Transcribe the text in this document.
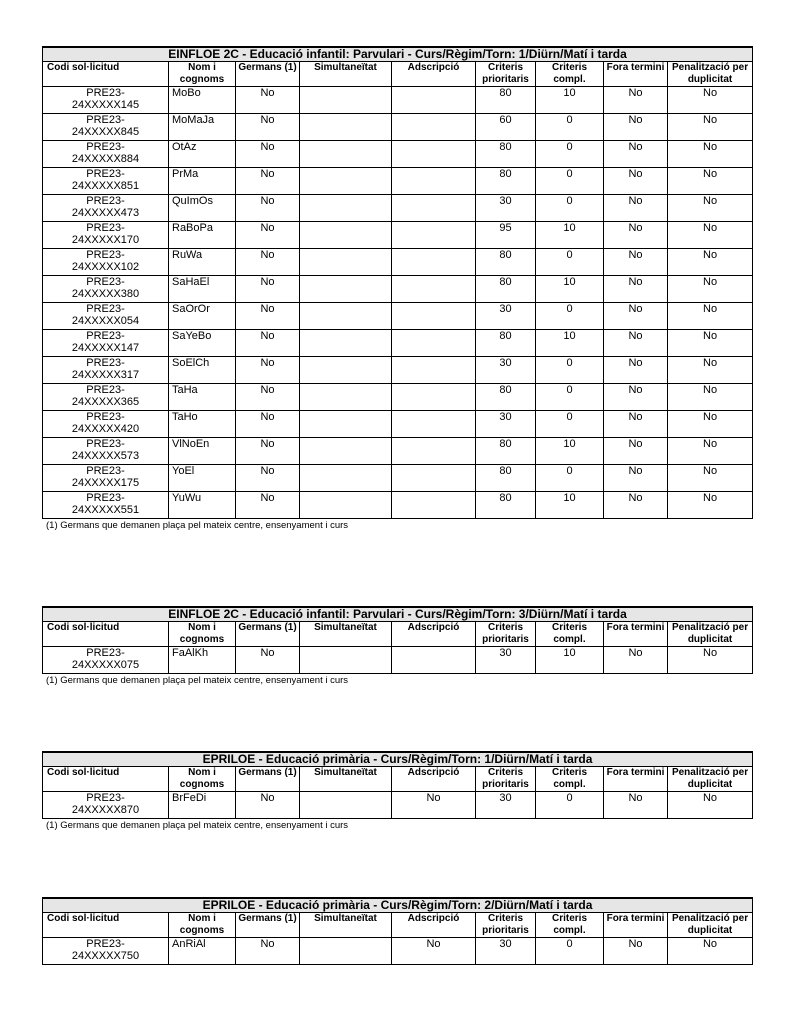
EINFLOE 2C - Educació infantil: Parvulari - Curs/Règim/Torn: 1/Diürn/Matí i tarda								
Codi sol·licitud	Nom i cognoms	Germans (1)	Simultaneïtat	Adscripció	Criteris prioritaris	Criteris compl.	Fora termini	Penalització per duplicitat

PRE23-
24XXXXX145	MoBo	No			80	10	No	No

PRE23-
24XXXXX845	MoMaJa	No			60	0	No	No

PRE23-
24XXXXX884	OtAz	No			80	0	No	No

PRE23-
24XXXXX851	PrMa	No			80	0	No	No

PRE23-
24XXXXX473	QuImOs	No			30	0	No	No

PRE23-
24XXXXX170	RaBoPa	No			95	10	No	No

PRE23-
24XXXXX102	RuWa	No			80	0	No	No

PRE23-
24XXXXX380	SaHaEl	No			80	10	No	No

PRE23-
24XXXXX054	SaOrOr	No			30	0	No	No

PRE23-
24XXXXX147	SaYeBo	No			80	10	No	No

PRE23-
24XXXXX317	SoElCh	No			30	0	No	No

PRE23-
24XXXXX365	TaHa	No			80	0	No	No

PRE23-
24XXXXX420	TaHo	No			30	0	No	No

PRE23-
24XXXXX573	VlNoEn	No			80	10	No	No

PRE23-
24XXXXX175	YoEl	No			80	0	No	No

PRE23-
24XXXXX551	YuWu	No			80	10	No	No
(1) Germans que demanen plaça pel mateix centre, ensenyament i curs
EINFLOE 2C - Educació infantil: Parvulari - Curs/Règim/Torn: 3/Diürn/Matí i tarda								
Codi sol·licitud	Nom i cognoms	Germans (1)	Simultaneïtat	Adscripció	Criteris prioritaris	Criteris compl.	Fora termini	Penalització per duplicitat

PRE23-
24XXXXX075	FaAlKh	No			30	10	No	No
(1) Germans que demanen plaça pel mateix centre, ensenyament i curs
EPRILOE - Educació primària - Curs/Règim/Torn: 1/Diürn/Matí i tarda								
Codi sol·licitud	Nom i cognoms	Germans (1)	Simultaneïtat	Adscripció	Criteris prioritaris	Criteris compl.	Fora termini	Penalització per duplicitat

PRE23-
24XXXXX870	BrFeDi	No		No	30	0	No	No
(1) Germans que demanen plaça pel mateix centre, ensenyament i curs
EPRILOE - Educació primària - Curs/Règim/Torn: 2/Diürn/Matí i tarda								
Codi sol·licitud	Nom i cognoms	Germans (1)	Simultaneïtat	Adscripció	Criteris prioritaris	Criteris compl.	Fora termini	Penalització per duplicitat

PRE23-
24XXXXX750	AnRiAl	No		No	30	0	No	No
